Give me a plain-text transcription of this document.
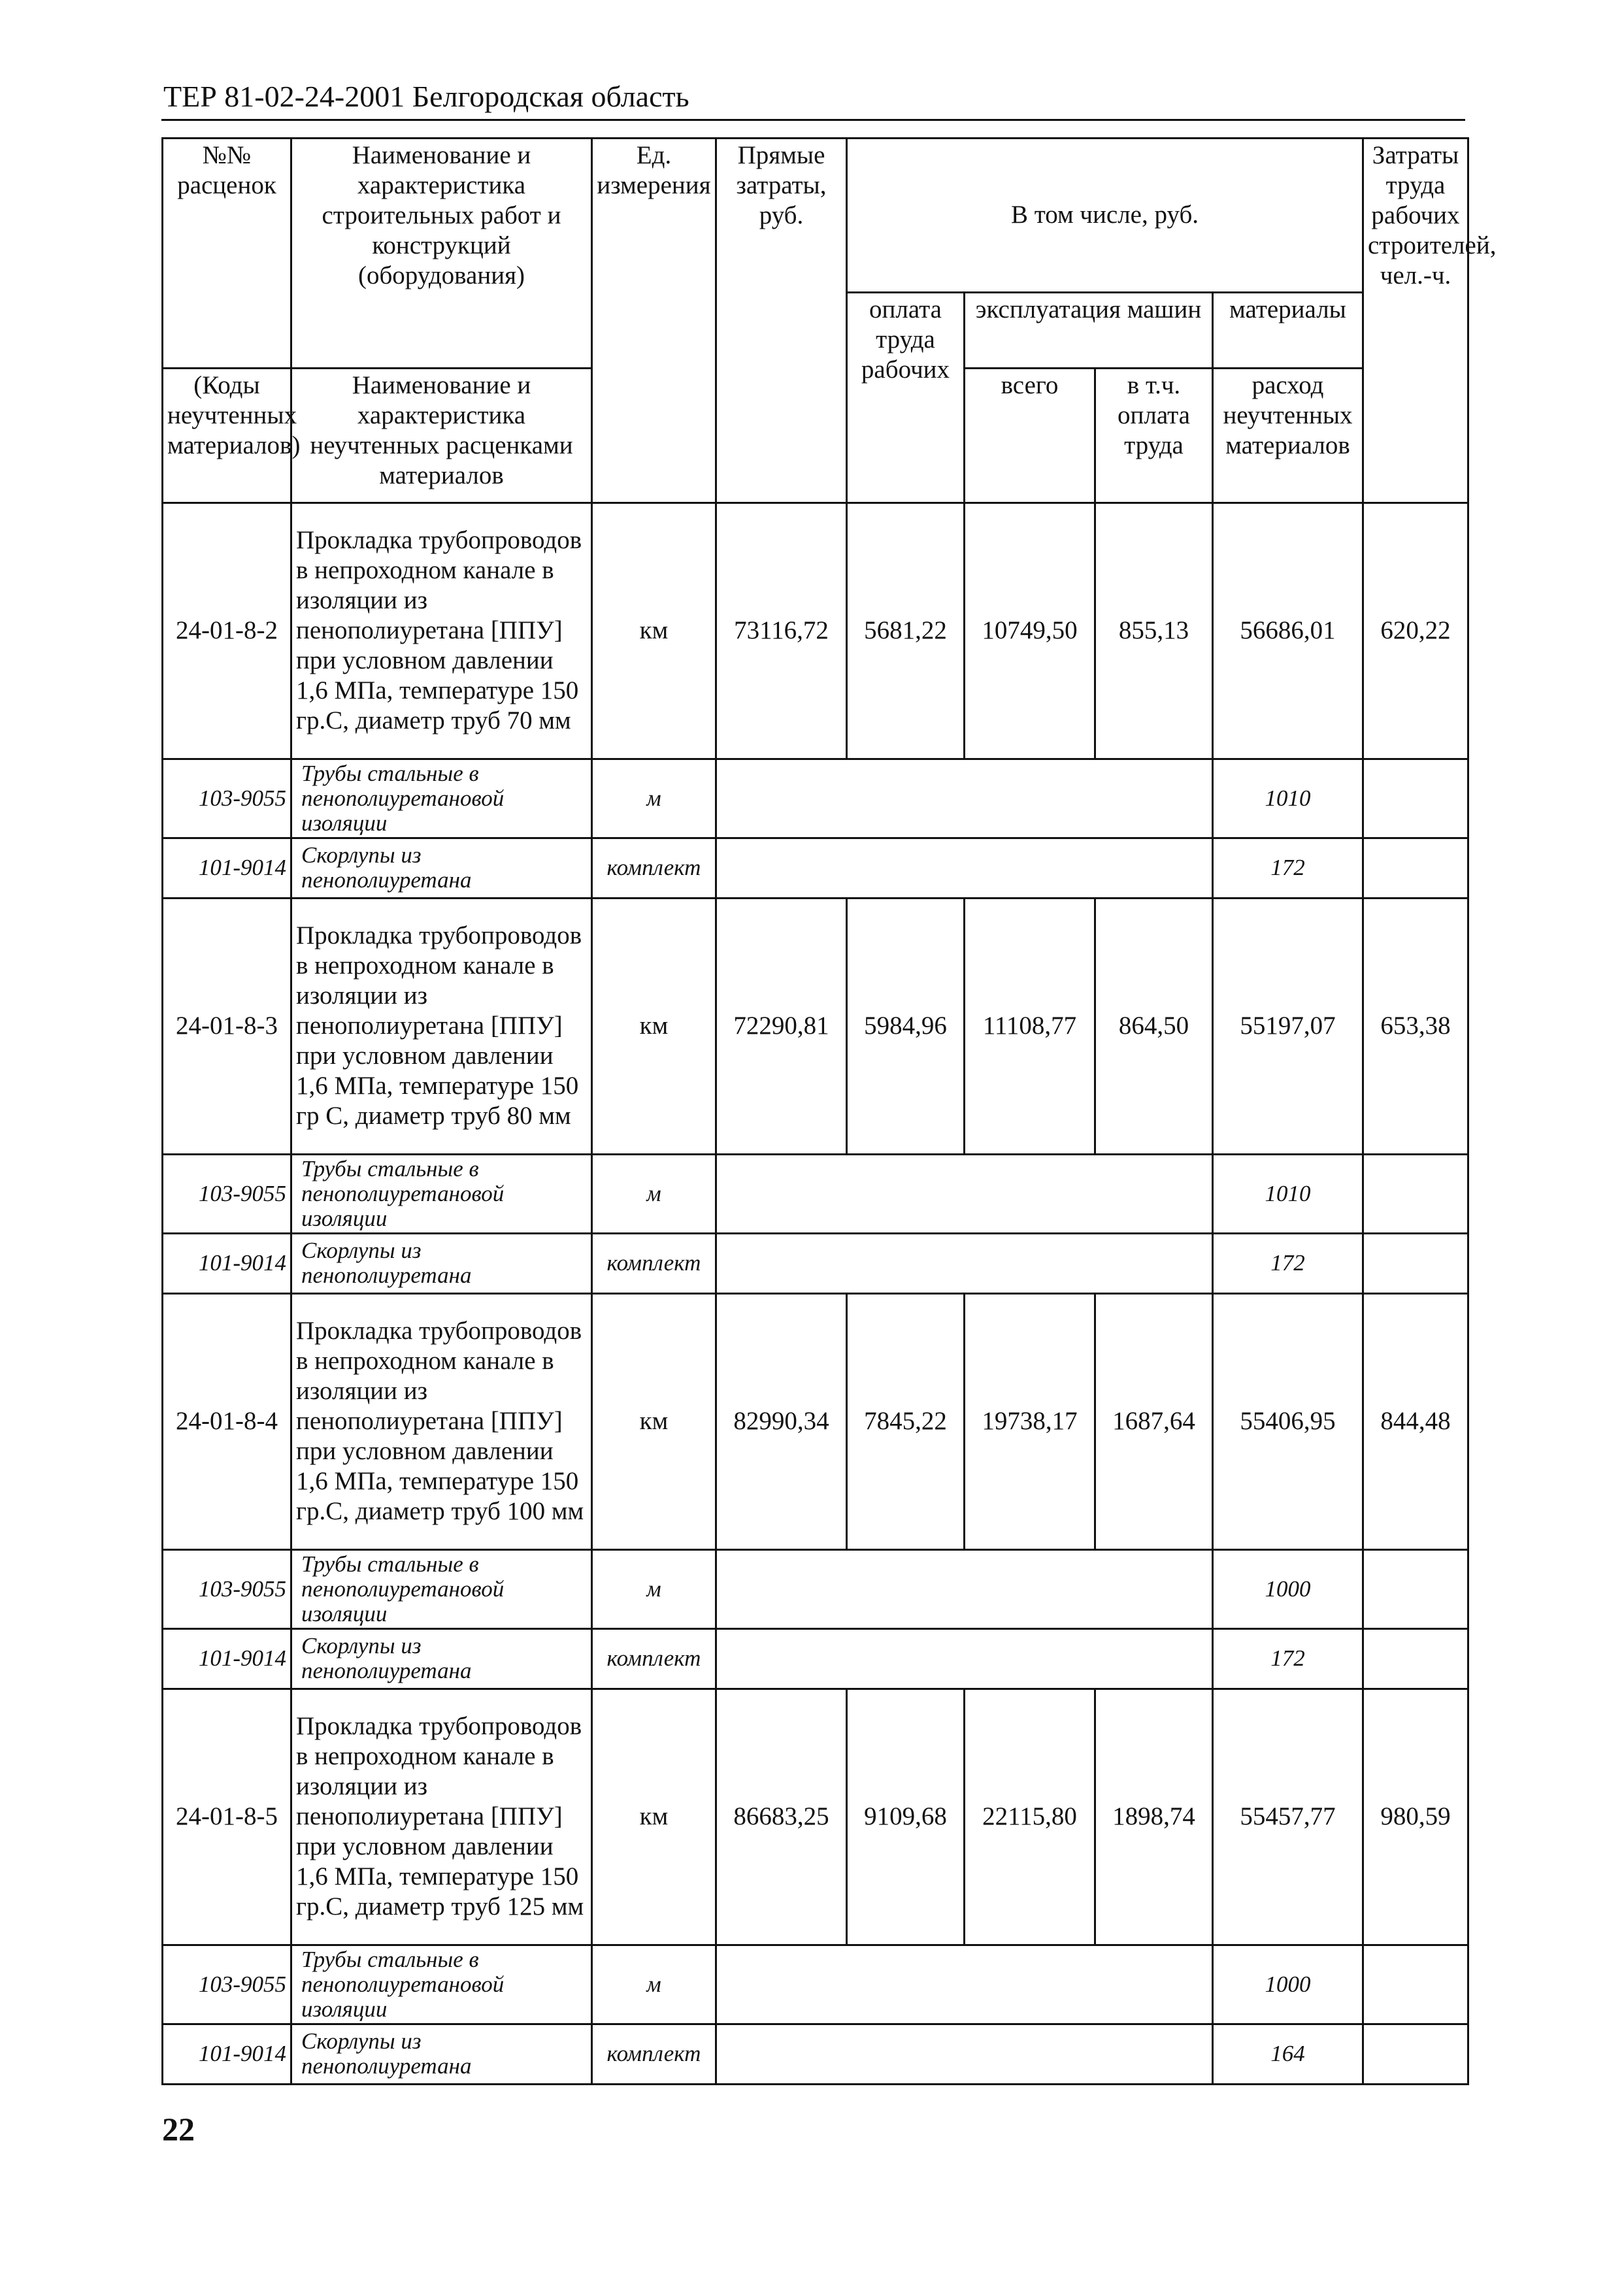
ТЕР 81-02-24-2001 Белгородская область
№№ расценок	Наименование и характеристика строительных работ и конструкций (оборудования)	Ед. измерения	Прямые затраты, руб.	В том числе, руб.				Затраты труда рабочих строителей, чел.-ч.
				оплата труда рабочих	эксплуатация машин		материалы	
(Коды неучтенных материалов)	Наименование и характеристика неучтенных расценками материалов				всего	в т.ч. оплата труда	расход неучтенных материалов	

24-01-8-2	Прокладка трубопроводов в непроходном канале в изоляции из пенополиуретана [ППУ] при условном давлении 1,6 МПа, температуре 150 гр.С, диаметр труб 70 мм	км	73116,72	5681,22	10749,50	855,13	56686,01	620,22
103-9055	Трубы стальные в пенополиуретановой изоляции	м					1010	
101-9014	Скорлупы из пенополиуретана	комплект					172	
24-01-8-3	Прокладка трубопроводов в непроходном канале в изоляции из пенополиуретана [ППУ] при условном давлении 1,6 МПа, температуре 150 гр С, диаметр труб 80 мм	км	72290,81	5984,96	11108,77	864,50	55197,07	653,38
103-9055	Трубы стальные в пенополиуретановой изоляции	м					1010	
101-9014	Скорлупы из пенополиуретана	комплект					172	
24-01-8-4	Прокладка трубопроводов в непроходном канале в изоляции из пенополиуретана [ППУ] при условном давлении 1,6 МПа, температуре 150 гр.С, диаметр труб 100 мм	км	82990,34	7845,22	19738,17	1687,64	55406,95	844,48
103-9055	Трубы стальные в пенополиуретановой изоляции	м					1000	
101-9014	Скорлупы из пенополиуретана	комплект					172	
24-01-8-5	Прокладка трубопроводов в непроходном канале в изоляции из пенополиуретана [ППУ] при условном давлении 1,6 МПа, температуре 150 гр.С, диаметр труб 125 мм	км	86683,25	9109,68	22115,80	1898,74	55457,77	980,59
103-9055	Трубы стальные в пенополиуретановой изоляции	м					1000	
101-9014	Скорлупы из пенополиуретана	комплект					164	
22
